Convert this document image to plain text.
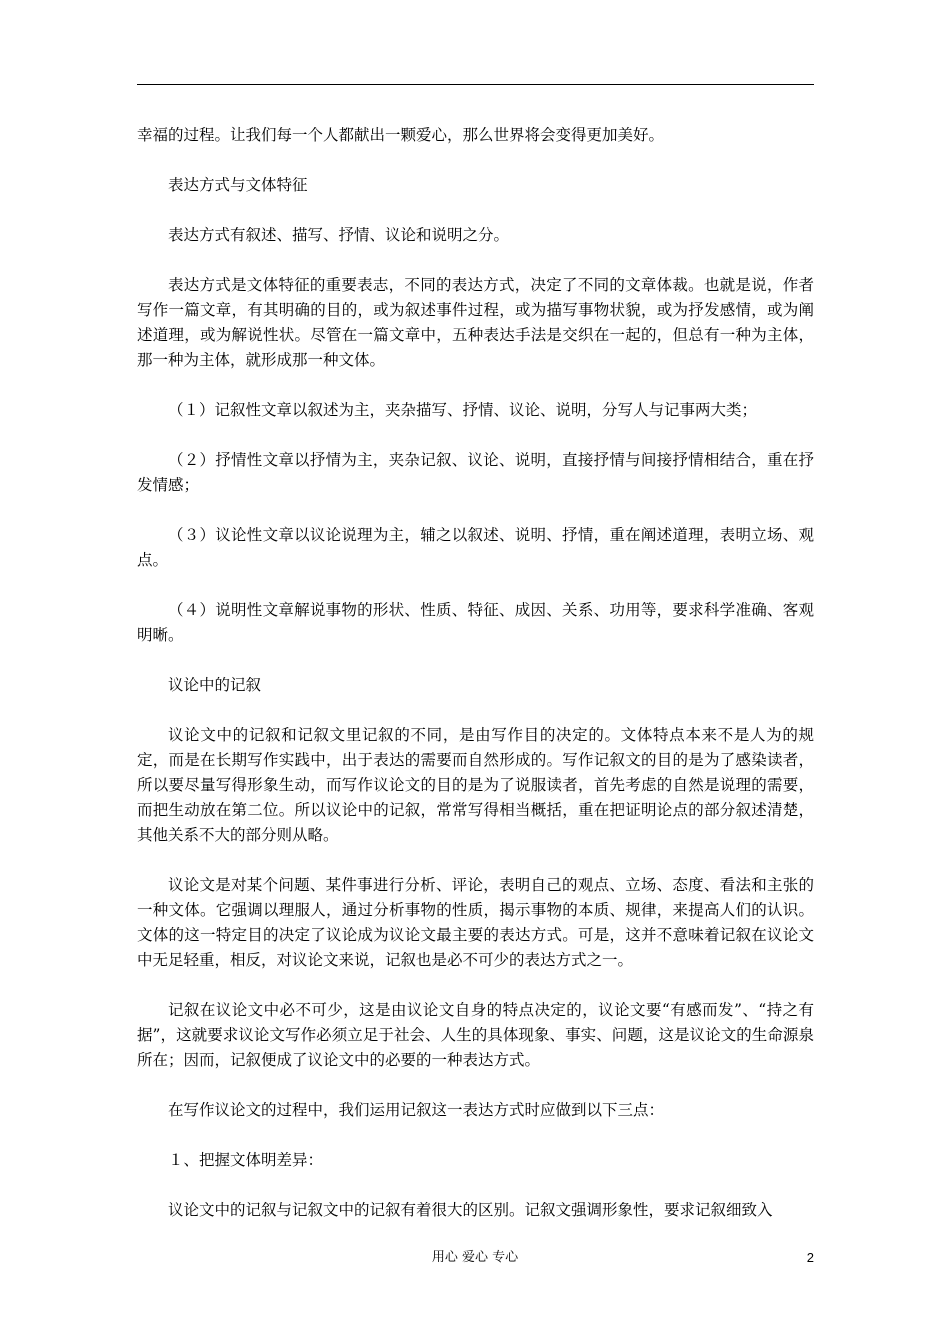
幸福的过程。让我们每一个人都献出一颗爱心，那么世界将会变得更加美好。

表达方式与文体特征

表达方式有叙述、描写、抒情、议论和说明之分。

表达方式是文体特征的重要表志，不同的表达方式，决定了不同的文章体裁。也就是说，作者写作一篇文章，有其明确的目的，或为叙述事件过程，或为描写事物状貌，或为抒发感情，或为阐述道理，或为解说性状。尽管在一篇文章中，五种表达手法是交织在一起的，但总有一种为主体，那一种为主体，就形成那一种文体。

（１）记叙性文章以叙述为主，夹杂描写、抒情、议论、说明，分写人与记事两大类；

（２）抒情性文章以抒情为主，夹杂记叙、议论、说明，直接抒情与间接抒情相结合，重在抒发情感；

（３）议论性文章以议论说理为主，辅之以叙述、说明、抒情，重在阐述道理，表明立场、观点。

（４）说明性文章解说事物的形状、性质、特征、成因、关系、功用等，要求科学准确、客观明晰。

议论中的记叙

议论文中的记叙和记叙文里记叙的不同，是由写作目的决定的。文体特点本来不是人为的规定，而是在长期写作实践中，出于表达的需要而自然形成的。写作记叙文的目的是为了感染读者，所以要尽量写得形象生动，而写作议论文的目的是为了说服读者，首先考虑的自然是说理的需要，而把生动放在第二位。所以议论中的记叙，常常写得相当概括，重在把证明论点的部分叙述清楚，其他关系不大的部分则从略。

议论文是对某个问题、某件事进行分析、评论，表明自己的观点、立场、态度、看法和主张的一种文体。它强调以理服人，通过分析事物的性质，揭示事物的本质、规律，来提高人们的认识。文体的这一特定目的决定了议论成为议论文最主要的表达方式。可是，这并不意味着记叙在议论文中无足轻重，相反，对议论文来说，记叙也是必不可少的表达方式之一。

记叙在议论文中必不可少，这是由议论文自身的特点决定的，议论文要“有感而发”、“持之有据”，这就要求议论文写作必须立足于社会、人生的具体现象、事实、问题，这是议论文的生命源泉所在；因而，记叙便成了议论文中的必要的一种表达方式。

在写作议论文的过程中，我们运用记叙这一表达方式时应做到以下三点：

１、把握文体明差异：

议论文中的记叙与记叙文中的记叙有着很大的区别。记叙文强调形象性，要求记叙细致入

用心 爱心 专心	2
